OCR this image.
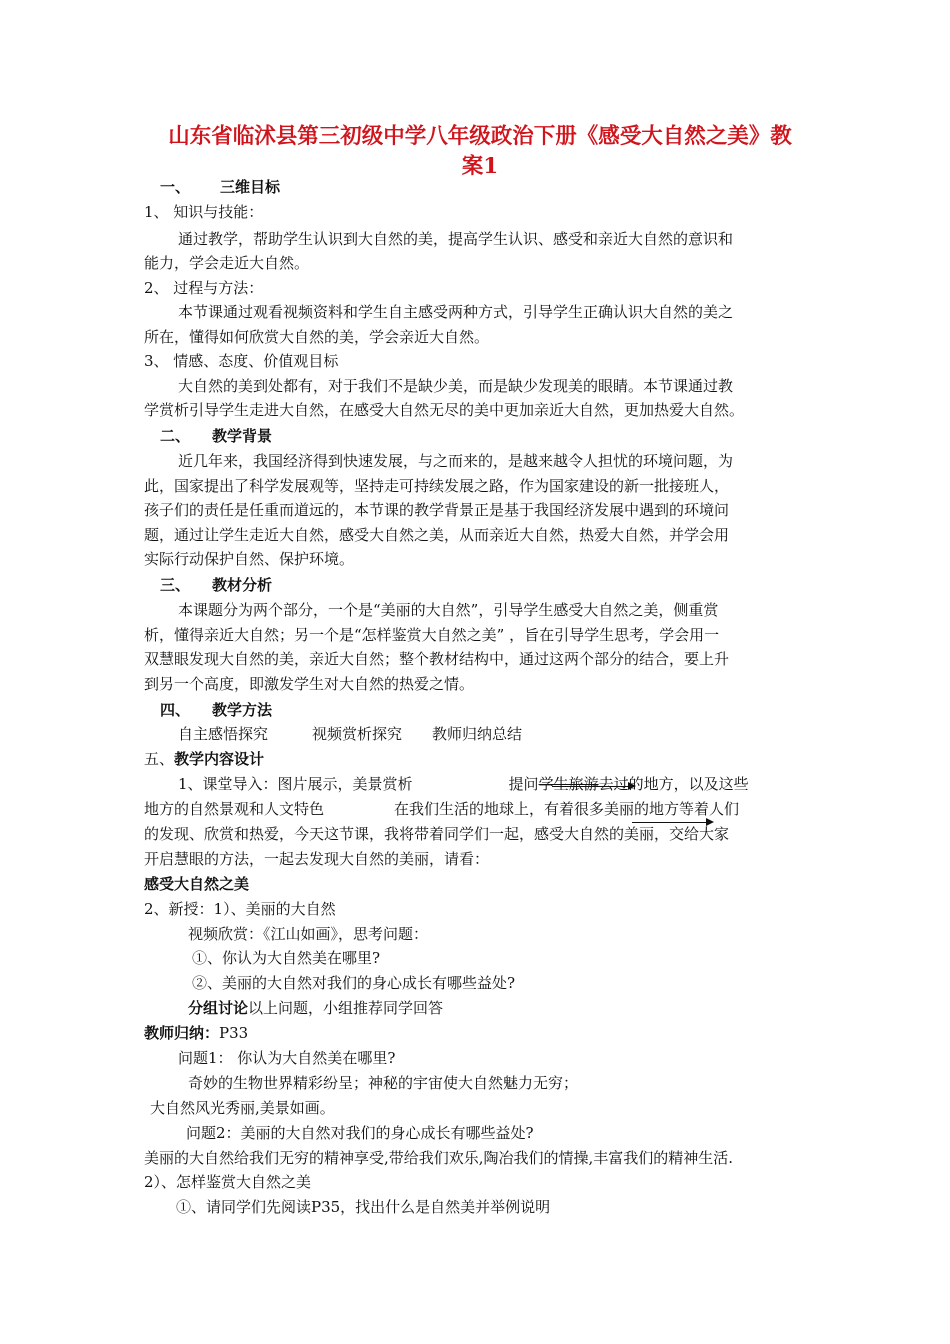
山东省临沭县第三初级中学八年级政治下册《感受大自然之美》教
案1
一、 三维目标
1、 知识与技能：
通过教学，帮助学生认识到大自然的美，提高学生认识、感受和亲近大自然的意识和
能力，学会走近大自然。
2、 过程与方法：
本节课通过观看视频资料和学生自主感受两种方式，引导学生正确认识大自然的美之
所在，懂得如何欣赏大自然的美，学会亲近大自然。
3、 情感、态度、价值观目标
大自然的美到处都有，对于我们不是缺少美，而是缺少发现美的眼睛。本节课通过教
学赏析引导学生走进大自然，在感受大自然无尽的美中更加亲近大自然，更加热爱大自然。
二、 教学背景
近几年来，我国经济得到快速发展，与之而来的，是越来越令人担忧的环境问题，为
此，国家提出了科学发展观等，坚持走可持续发展之路，作为国家建设的新一批接班人，
孩子们的责任是任重而道远的，本节课的教学背景正是基于我国经济发展中遇到的环境问
题，通过让学生走近大自然，感受大自然之美，从而亲近大自然，热爱大自然，并学会用
实际行动保护自然、保护环境。
三、 教材分析
本课题分为两个部分，一个是“美丽的大自然”，引导学生感受大自然之美，侧重赏
析，懂得亲近大自然；另一个是“怎样鉴赏大自然之美” ，旨在引导学生思考，学会用一
双慧眼发现大自然的美，亲近大自然；整个教材结构中，通过这两个部分的结合，要上升
到另一个高度，即激发学生对大自然的热爱之情。
四、 教学方法
自主感悟探究	视频赏析探究 教师归纳总结
五、教学内容设计
1、课堂导入：图片展示，美景赏析	提问学生旅游去过的地方，以及这些
地方的自然景观和人文特色	在我们生活的地球上，有着很多美丽的地方等着人们
的发现、欣赏和热爱，今天这节课，我将带着同学们一起，感受大自然的美丽，交给大家
开启慧眼的方法，一起去发现大自然的美丽，请看：
感受大自然之美
2、新授：1）、美丽的大自然
视频欣赏：《江山如画》，思考问题：
①、你认为大自然美在哪里?
②、美丽的大自然对我们的身心成长有哪些益处?
分组讨论以上问题，小组推荐同学回答
教师归纳：P33
问题1： 你认为大自然美在哪里?
奇妙的生物世界精彩纷呈；神秘的宇宙使大自然魅力无穷；
大自然风光秀丽,美景如画。
问题2：美丽的大自然对我们的身心成长有哪些益处?
美丽的大自然给我们无穷的精神享受,带给我们欢乐,陶冶我们的情操,丰富我们的精神生活.
2）、怎样鉴赏大自然之美
①、请同学们先阅读P35，找出什么是自然美并举例说明
